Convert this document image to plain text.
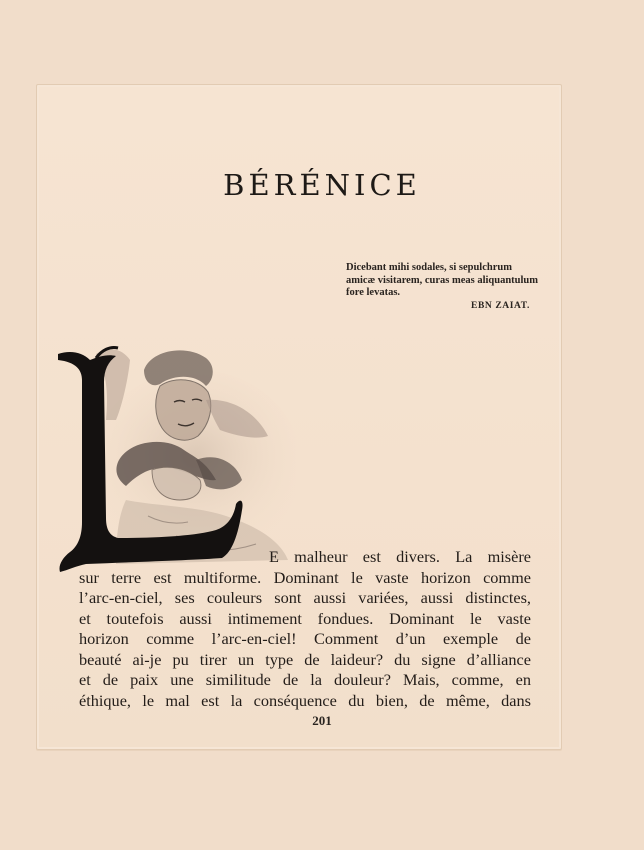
BÉRÉNICE
Dicebant mihi sodales, si sepulchrum
amicæ visitarem, curas meas aliquantulum
fore levatas.
EBN ZAIAT.
E malheur est divers. La misère
sur terre est multiforme. Dominant le vaste horizon comme
l’arc-en-ciel, ses couleurs sont aussi variées, aussi distinctes,
et toutefois aussi intimement fondues. Dominant le vaste
horizon comme l’arc-en-ciel! Comment d’un exemple de
beauté ai-je pu tirer un type de laideur? du signe d’alliance
et de paix une similitude de la douleur? Mais, comme, en
éthique, le mal est la conséquence du bien, de même, dans
201
